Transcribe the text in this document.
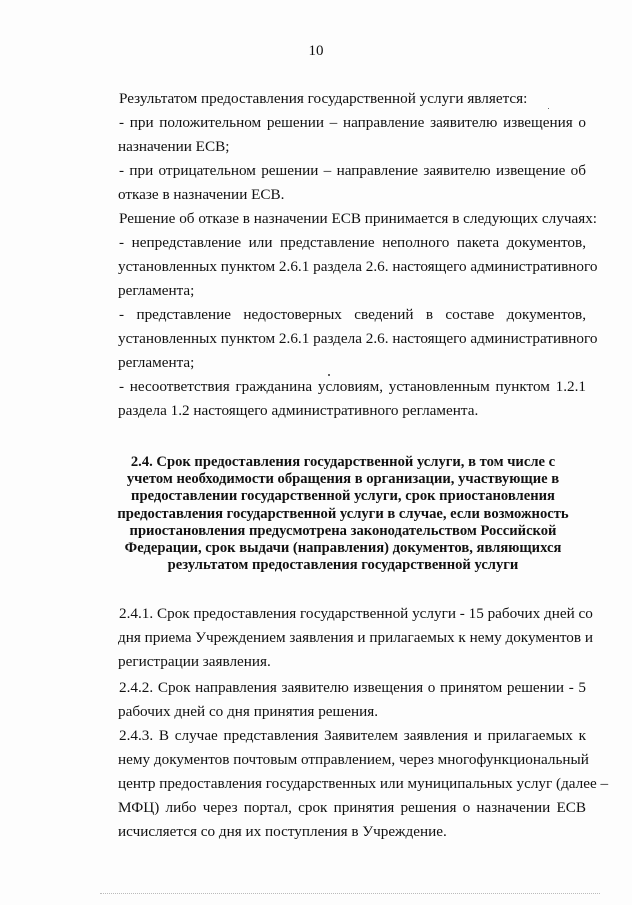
10
Результатом предоставления государственной услуги является:
- при положительном решении – направление заявителю извещения о
назначении ЕСВ;
- при отрицательном решении – направление заявителю извещение об
отказе в назначении ЕСВ.
Решение об отказе в назначении ЕСВ принимается в следующих случаях:
- непредставление или представление неполного пакета документов,
установленных пунктом 2.6.1 раздела 2.6. настоящего административного
регламента;
- представление недостоверных сведений в составе документов,
установленных пунктом 2.6.1 раздела 2.6. настоящего административного
регламента;
- несоответствия гражданина условиям, установленным пунктом 1.2.1
раздела 1.2 настоящего административного регламента.
2.4. Срок предоставления государственной услуги, в том числе с
учетом необходимости обращения в организации, участвующие в
предоставлении государственной услуги, срок приостановления
предоставления государственной услуги в случае, если возможность
приостановления предусмотрена законодательством Российской
Федерации, срок выдачи (направления) документов, являющихся
результатом предоставления государственной услуги
2.4.1. Срок предоставления государственной услуги - 15 рабочих дней со
дня приема Учреждением заявления и прилагаемых к нему документов и
регистрации заявления.
2.4.2. Срок направления заявителю извещения о принятом решении - 5
рабочих дней со дня принятия решения.
2.4.3. В случае представления Заявителем заявления и прилагаемых к
нему документов почтовым отправлением, через многофункциональный
центр предоставления государственных или муниципальных услуг (далее –
МФЦ) либо через портал, срок принятия решения о назначении ЕСВ
исчисляется со дня их поступления в Учреждение.
